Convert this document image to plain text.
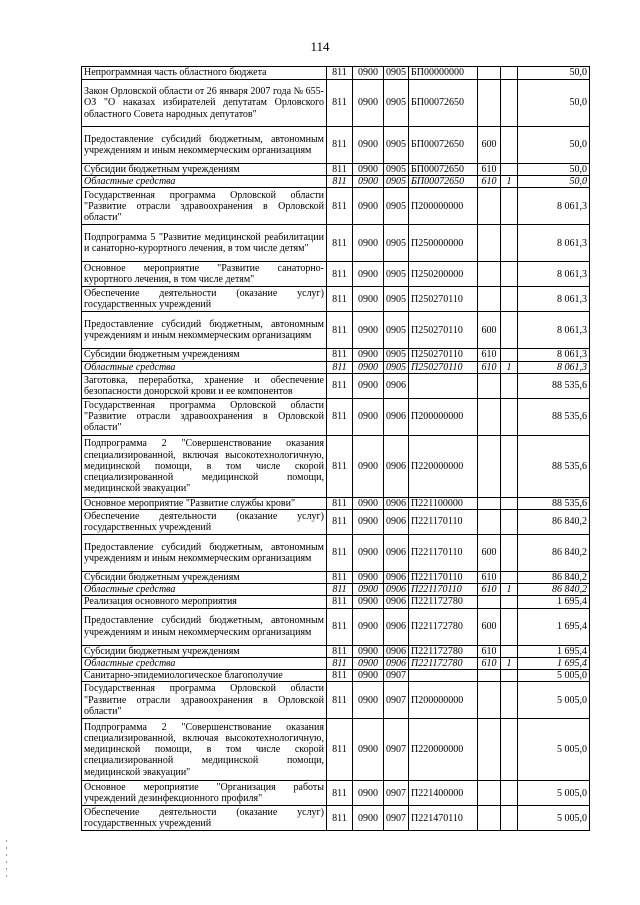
114
Непрограммная часть областного бюджета	811	0900	0905	БП00000000			50,0
Закон Орловской области от 26 января 2007 года № 655-ОЗ "О наказах избирателей депутатам Орловского областного Совета народных депутатов"	811	0900	0905	БП00072650			50,0
Предоставление субсидий бюджетным, автономным учреждениям и иным некоммерческим организациям	811	0900	0905	БП00072650	600		50,0
Субсидии бюджетным учреждениям	811	0900	0905	БП00072650	610		50,0
Областные средства	811	0900	0905	БП00072650	610	1	50,0
Государственная программа Орловской области "Развитие отрасли здравоохранения в Орловской области"	811	0900	0905	П200000000			8 061,3
Подпрограмма 5 "Развитие медицинской реабилитации и санаторно-курортного лечения, в том числе детям"	811	0900	0905	П250000000			8 061,3
Основное мероприятие "Развитие санаторно-курортного лечения, в том числе детям"	811	0900	0905	П250200000			8 061,3
Обеспечение деятельности (оказание услуг) государственных учреждений	811	0900	0905	П250270110			8 061,3
Предоставление субсидий бюджетным, автономным учреждениям и иным некоммерческим организациям	811	0900	0905	П250270110	600		8 061,3
Субсидии бюджетным учреждениям	811	0900	0905	П250270110	610		8 061,3
Областные средства	811	0900	0905	П250270110	610	1	8 061,3
Заготовка, переработка, хранение и обеспечение безопасности донорской крови и ее компонентов	811	0900	0906				88 535,6
Государственная программа Орловской области "Развитие отрасли здравоохранения в Орловской области"	811	0900	0906	П200000000			88 535,6
Подпрограмма 2 "Совершенствование оказания специализированной, включая высокотехнологичную, медицинской помощи, в том числе скорой специализированной медицинской помощи, медицинской эвакуации"	811	0900	0906	П220000000			88 535,6
Основное мероприятие "Развитие службы крови"	811	0900	0906	П221100000			88 535,6
Обеспечение деятельности (оказание услуг) государственных учреждений	811	0900	0906	П221170110			86 840,2
Предоставление субсидий бюджетным, автономным учреждениям и иным некоммерческим организациям	811	0900	0906	П221170110	600		86 840,2
Субсидии бюджетным учреждениям	811	0900	0906	П221170110	610		86 840,2
Областные средства	811	0900	0906	П221170110	610	1	86 840,2
Реализация основного мероприятия	811	0900	0906	П221172780			1 695,4
Предоставление субсидий бюджетным, автономным учреждениям и иным некоммерческим организациям	811	0900	0906	П221172780	600		1 695,4
Субсидии бюджетным учреждениям	811	0900	0906	П221172780	610		1 695,4
Областные средства	811	0900	0906	П221172780	610	1	1 695,4
Санитарно-эпидемиологическое благополучие	811	0900	0907				5 005,0
Государственная программа Орловской области "Развитие отрасли здравоохранения в Орловской области"	811	0900	0907	П200000000			5 005,0
Подпрограмма 2 "Совершенствование оказания специализированной, включая высокотехнологичную, медицинской помощи, в том числе скорой специализированной медицинской помощи, медицинской эвакуации"	811	0900	0907	П220000000			5 005,0
Основное мероприятие "Организация работы учреждений дезинфекционного профиля"	811	0900	0907	П221400000			5 005,0
Обеспечение деятельности (оказание услуг) государственных учреждений	811	0900	0907	П221470110			5 005,0
